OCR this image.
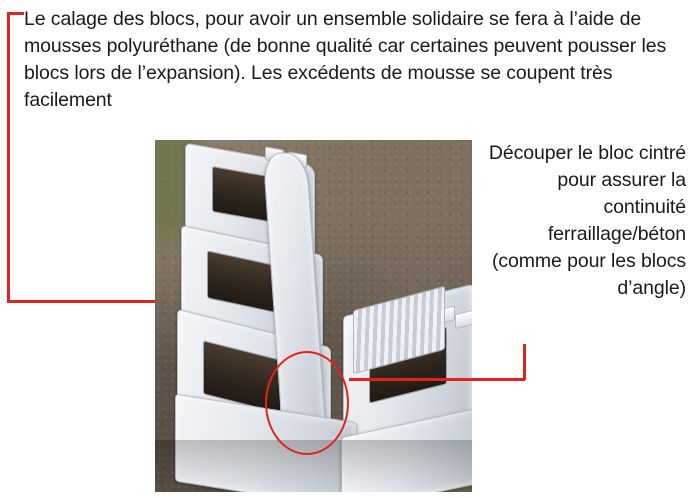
Le calage des blocs, pour avoir un ensemble solidaire se fera à l’aide de mousses polyuréthane (de bonne qualité car certaines peuvent pousser les blocs lors de l’expansion). Les excédents de mousse se coupent très facilement
Découper le bloc cintré pour assurer la continuité ferraillage/béton (comme pour les blocs d’angle)
